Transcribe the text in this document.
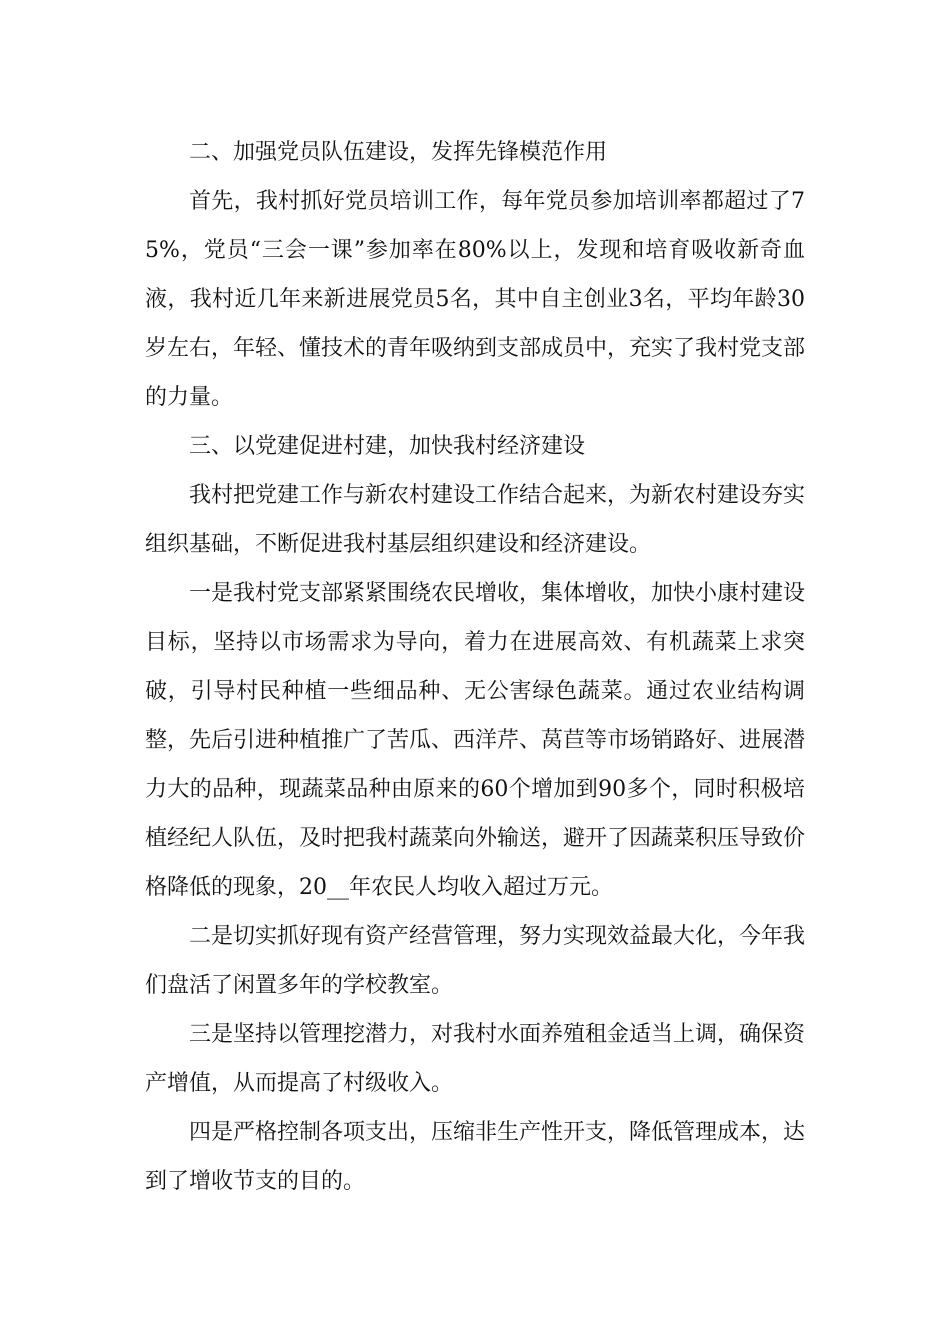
二、加强党员队伍建设，发挥先锋模范作用

首先，我村抓好党员培训工作，每年党员参加培训率都超过了75%，党员“三会一课”参加率在80%以上，发现和培育吸收新奇血液，我村近几年来新进展党员5名，其中自主创业3名，平均年龄30岁左右，年轻、懂技术的青年吸纳到支部成员中，充实了我村党支部的力量。

三、以党建促进村建，加快我村经济建设

我村把党建工作与新农村建设工作结合起来，为新农村建设夯实组织基础，不断促进我村基层组织建设和经济建设。

一是我村党支部紧紧围绕农民增收，集体增收，加快小康村建设目标，坚持以市场需求为导向，着力在进展高效、有机蔬菜上求突破，引导村民种植一些细品种、无公害绿色蔬菜。通过农业结构调整，先后引进种植推广了苦瓜、西洋芹、莴苣等市场销路好、进展潜力大的品种，现蔬菜品种由原来的60个增加到90多个，同时积极培植经纪人队伍，及时把我村蔬菜向外输送，避开了因蔬菜积压导致价格降低的现象，20__年农民人均收入超过万元。

二是切实抓好现有资产经营管理，努力实现效益最大化，今年我们盘活了闲置多年的学校教室。

三是坚持以管理挖潜力，对我村水面养殖租金适当上调，确保资产增值，从而提高了村级收入。

四是严格控制各项支出，压缩非生产性开支，降低管理成本，达到了增收节支的目的。
